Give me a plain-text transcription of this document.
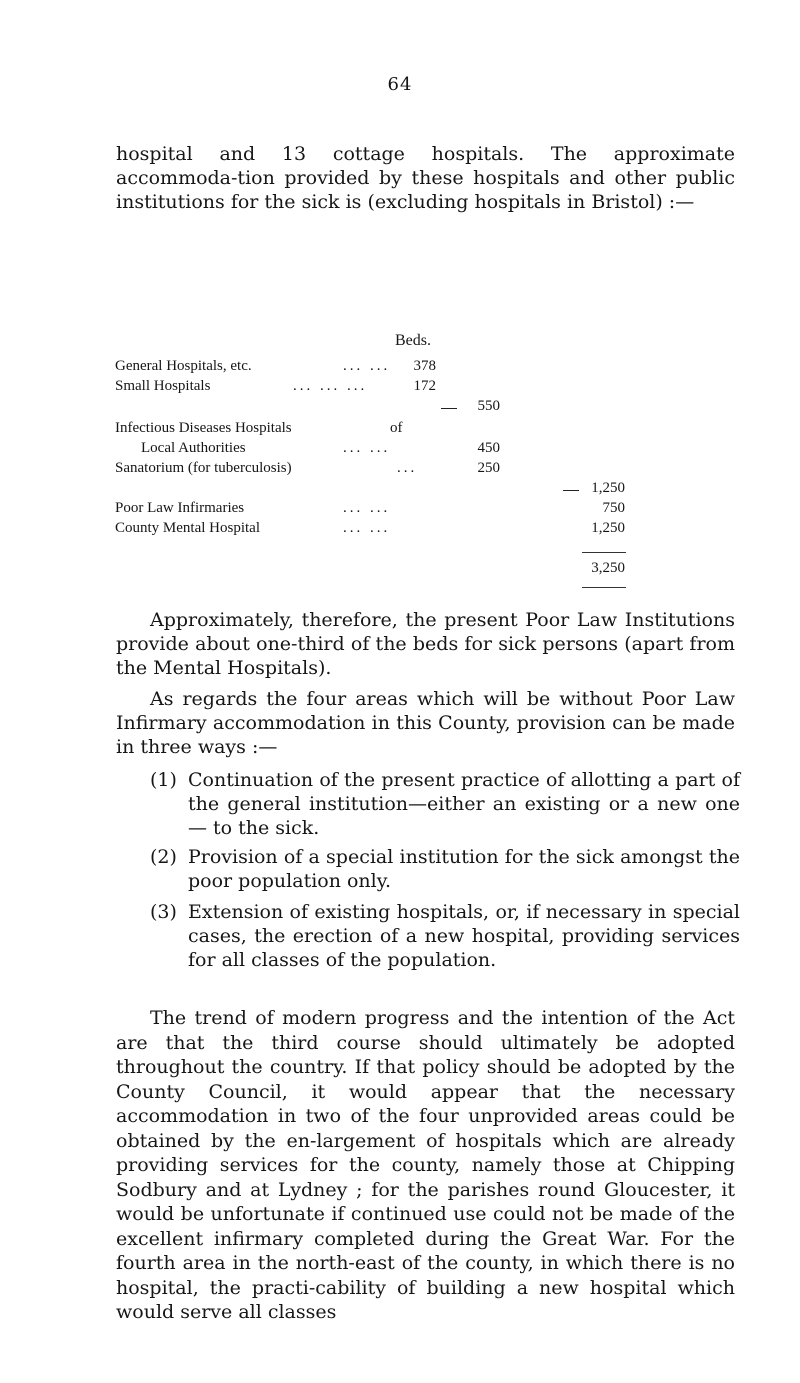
64

hospital and 13 cottage hospitals. The approximate accommoda-tion provided by these hospitals and other public institutions for the sick is (excluding hospitals in Bristol) :—

Beds.
General Hospitals, etc.	... ...	378
Small Hospitals	... ... ...	172
550
Infectious Diseases Hospitals	of
Local Authorities	... ...	450
Sanatorium (for tuberculosis)	...	250
1,250
Poor Law Infirmaries	... ...	750
County Mental Hospital	... ...	1,250
3,250

Approximately, therefore, the present Poor Law Institutions provide about one-third of the beds for sick persons (apart from the Mental Hospitals).

As regards the four areas which will be without Poor Law Infirmary accommodation in this County, provision can be made in three ways :—

(1) Continuation of the present practice of allotting a part of the general institution—either an existing or a new one— to the sick.
(2) Provision of a special institution for the sick amongst the poor population only.
(3) Extension of existing hospitals, or, if necessary in special cases, the erection of a new hospital, providing services for all classes of the population.

The trend of modern progress and the intention of the Act are that the third course should ultimately be adopted throughout the country. If that policy should be adopted by the County Council, it would appear that the necessary accommodation in two of the four unprovided areas could be obtained by the en-largement of hospitals which are already providing services for the county, namely those at Chipping Sodbury and at Lydney ; for the parishes round Gloucester, it would be unfortunate if continued use could not be made of the excellent infirmary completed during the Great War. For the fourth area in the north-east of the county, in which there is no hospital, the practi-cability of building a new hospital which would serve all classes
